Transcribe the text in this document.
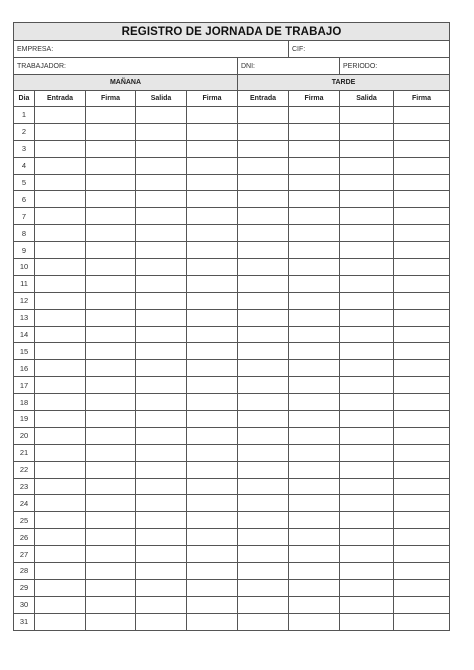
REGISTRO DE JORNADA DE TRABAJO								
EMPRESA:						CIF:		
TRABAJADOR:					DNI:		PERIODO:	
MAÑANA					TARDE			
Dia	Entrada	Firma	Salida	Firma	Entrada	Firma	Salida	Firma
1								
2								
3								
4								
5								
6								
7								
8								
9								
10								
11								
12								
13								
14								
15								
16								
17								
18								
19								
20								
21								
22								
23								
24								
25								
26								
27								
28								
29								
30								
31								
